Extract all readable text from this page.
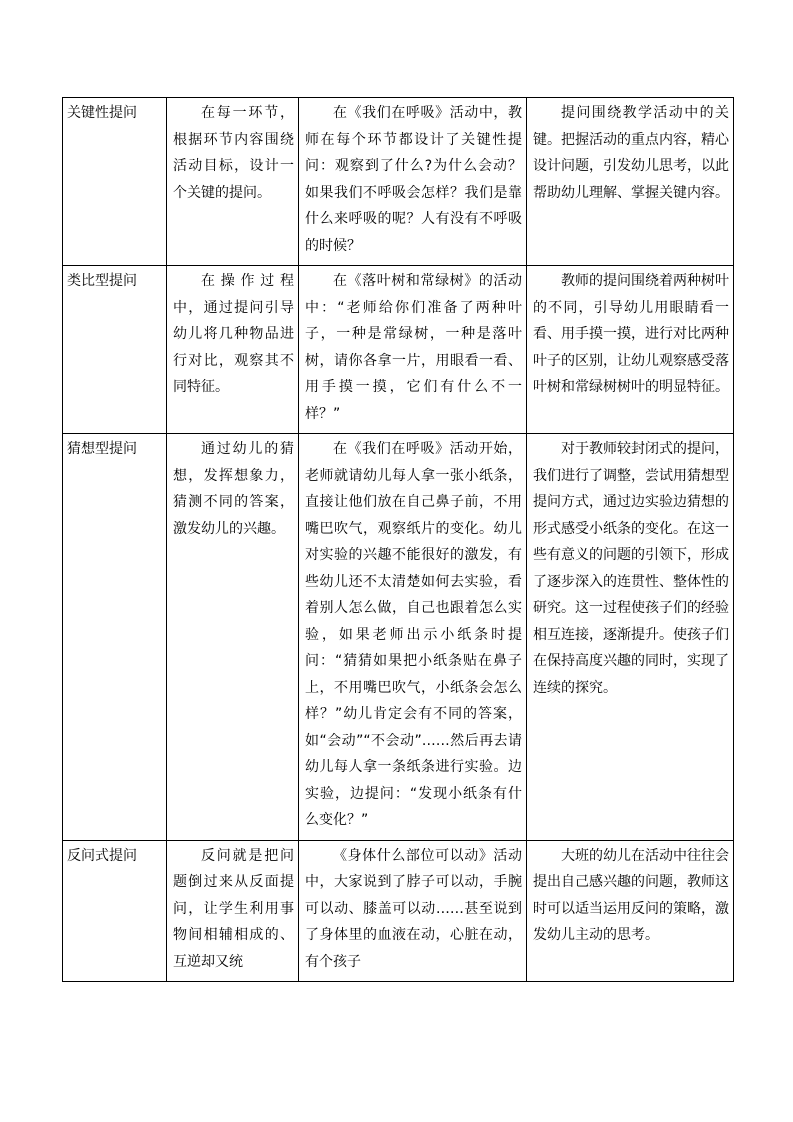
关键性提问	在每一环节，根据环节内容围绕活动目标，设计一个关键的提问。	在《我们在呼吸》活动中，教师在每个环节都设计了关键性提问：观察到了什么?为什么会动？如果我们不呼吸会怎样？我们是靠什么来呼吸的呢？人有没有不呼吸的时候？	提问围绕教学活动中的关键。把握活动的重点内容，精心设计问题，引发幼儿思考，以此帮助幼儿理解、掌握关键内容。
类比型提问	在操作过程中，通过提问引导幼儿将几种物品进行对比，观察其不同特征。	在《落叶树和常绿树》的活动中：“老师给你们准备了两种叶子，一种是常绿树，一种是落叶树，请你各拿一片，用眼看一看、用手摸一摸，它们有什么不一样？”	教师的提问围绕着两种树叶的不同，引导幼儿用眼睛看一看、用手摸一摸，进行对比两种叶子的区别，让幼儿观察感受落叶树和常绿树树叶的明显特征。
猜想型提问	通过幼儿的猜想，发挥想象力，猜测不同的答案，激发幼儿的兴趣。	在《我们在呼吸》活动开始，老师就请幼儿每人拿一张小纸条，直接让他们放在自己鼻子前，不用嘴巴吹气，观察纸片的变化。幼儿对实验的兴趣不能很好的激发，有些幼儿还不太清楚如何去实验，看着别人怎么做，自己也跟着怎么实验，如果老师出示小纸条时提问：“猜猜如果把小纸条贴在鼻子上，不用嘴巴吹气，小纸条会怎么样？”幼儿肯定会有不同的答案，如“会动”“不会动”……然后再去请幼儿每人拿一条纸条进行实验。边实验，边提问：“发现小纸条有什么变化？”	对于教师较封闭式的提问，我们进行了调整，尝试用猜想型提问方式，通过边实验边猜想的形式感受小纸条的变化。在这一些有意义的问题的引领下，形成了逐步深入的连贯性、整体性的研究。这一过程使孩子们的经验相互连接，逐渐提升。使孩子们在保持高度兴趣的同时，实现了连续的探究。
反问式提问	反问就是把问题倒过来从反面提问，让学生利用事物间相辅相成的、互逆却又统	《身体什么部位可以动》活动中，大家说到了脖子可以动，手腕可以动、膝盖可以动……甚至说到了身体里的血液在动，心脏在动，有个孩子	大班的幼儿在活动中往往会提出自己感兴趣的问题，教师这时可以适当运用反问的策略，激发幼儿主动的思考。
